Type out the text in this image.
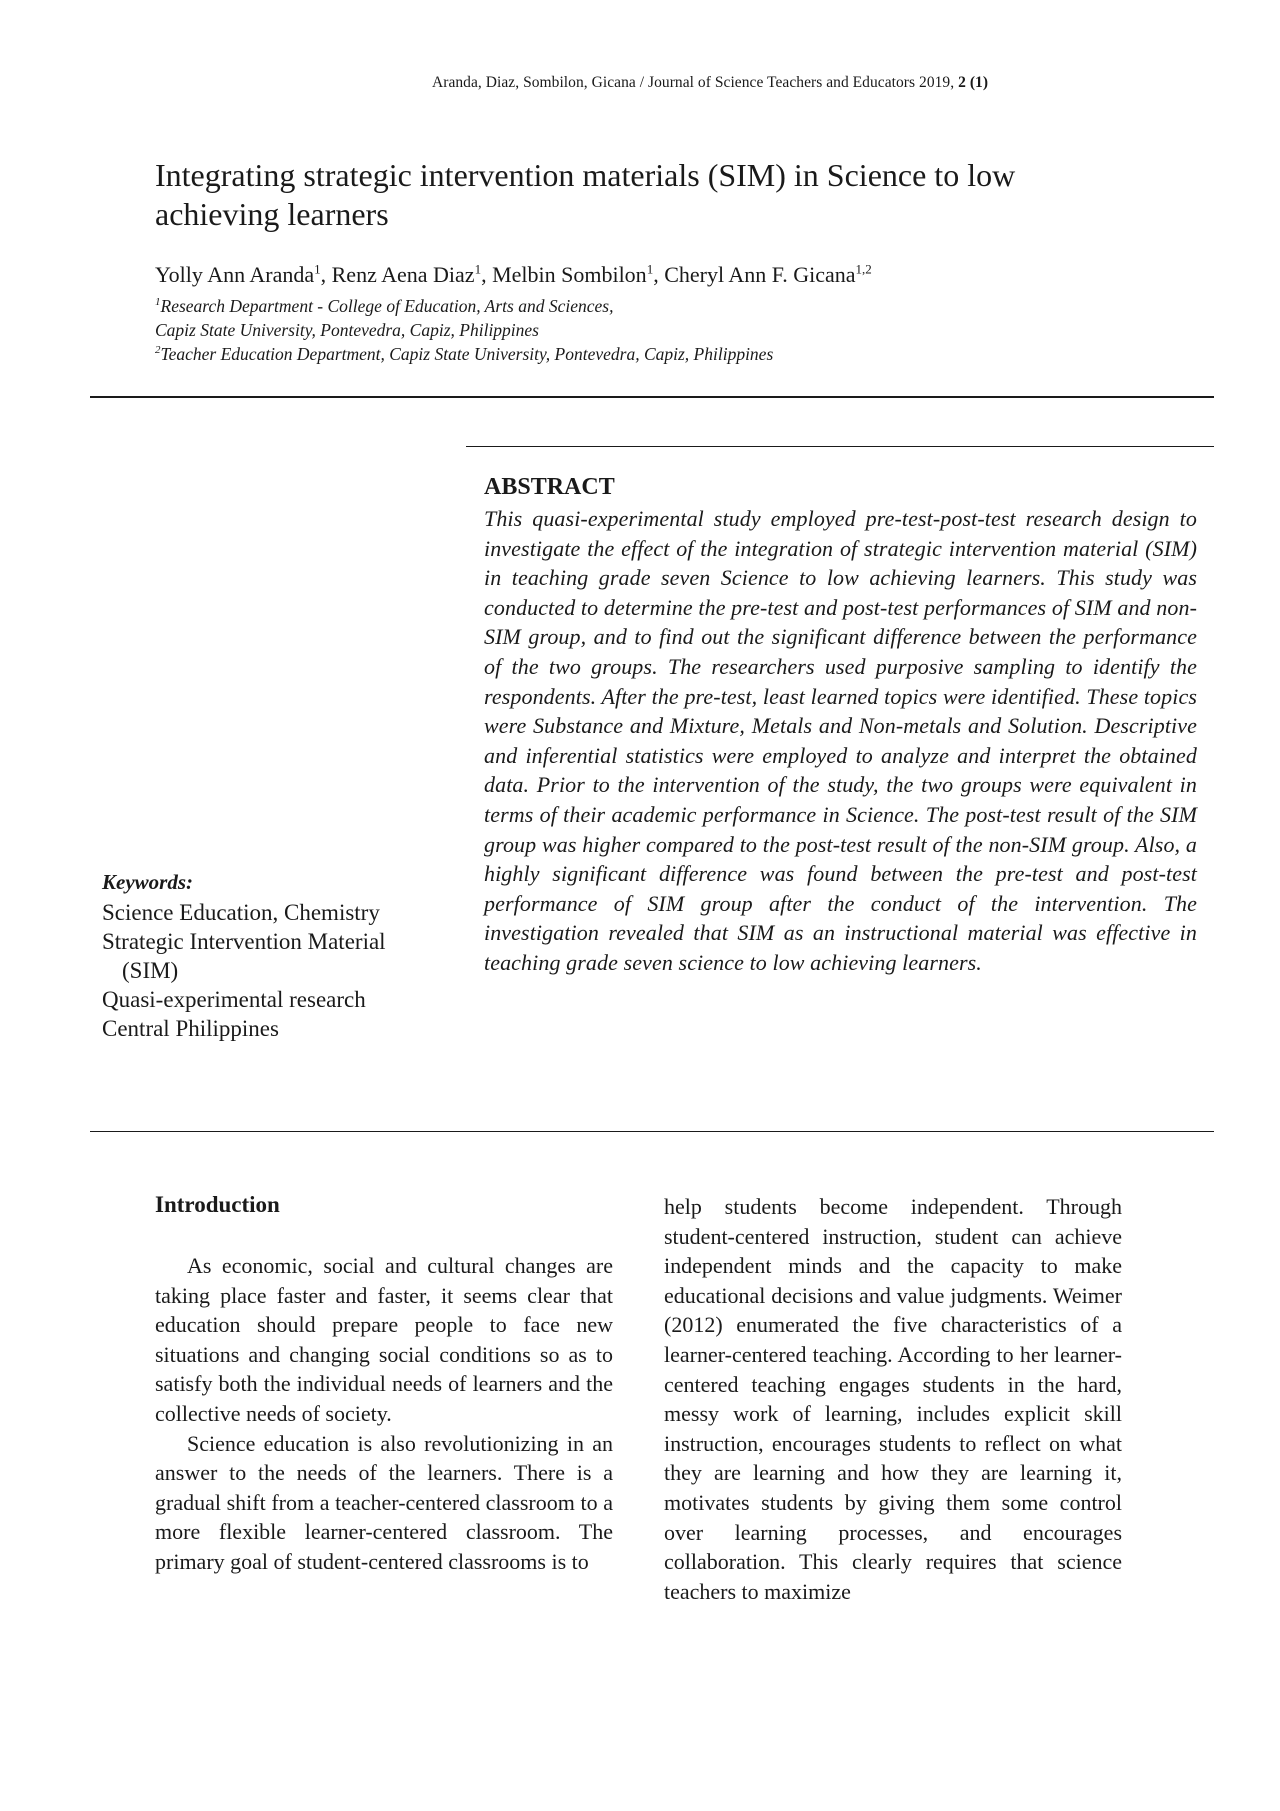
Aranda, Diaz, Sombilon, Gicana / Journal of Science Teachers and Educators 2019, 2 (1)
Integrating strategic intervention materials (SIM) in Science to low achieving learners
Yolly Ann Aranda$^1$, Renz Aena Diaz$^1$, Melbin Sombilon$^1$, Cheryl Ann F. Gicana$^{1,2}$
$^1$Research Department - College of Education, Arts and Sciences,
Capiz State University, Pontevedra, Capiz, Philippines
$^2$Teacher Education Department, Capiz State University, Pontevedra, Capiz, Philippines
ABSTRACT

This quasi-experimental study employed pre-test-post-test research design to investigate the effect of the integration of strategic intervention material (SIM) in teaching grade seven Science to low achieving learners. This study was conducted to determine the pre-test and post-test performances of SIM and non-SIM group, and to find out the significant difference between the performance of the two groups. The researchers used purposive sampling to identify the respondents. After the pre-test, least learned topics were identified. These topics were Substance and Mixture, Metals and Non-metals and Solution. Descriptive and inferential statistics were employed to analyze and interpret the obtained data. Prior to the intervention of the study, the two groups were equivalent in terms of their academic performance in Science. The post-test result of the SIM group was higher compared to the post-test result of the non-SIM group. Also, a highly significant difference was found between the pre-test and post-test performance of SIM group after the conduct of the intervention. The investigation revealed that SIM as an instructional material was effective in teaching grade seven science to low achieving learners.

Keywords:
Science Education, Chemistry
Strategic Intervention Material (SIM)
Quasi-experimental research
Central Philippines
Introduction

As economic, social and cultural changes are taking place faster and faster, it seems clear that education should prepare people to face new situations and changing social conditions so as to satisfy both the individual needs of learners and the collective needs of society.

Science education is also revolutionizing in an answer to the needs of the learners. There is a gradual shift from a teacher-centered classroom to a more flexible learner-centered classroom. The primary goal of student-centered classrooms is to

help students become independent. Through student-centered instruction, student can achieve independent minds and the capacity to make educational decisions and value judgments. Weimer (2012) enumerated the five characteristics of a learner-centered teaching. According to her learner-centered teaching engages students in the hard, messy work of learning, includes explicit skill instruction, encourages students to reflect on what they are learning and how they are learning it, motivates students by giving them some control over learning processes, and encourages collaboration. This clearly requires that science teachers to maximize
